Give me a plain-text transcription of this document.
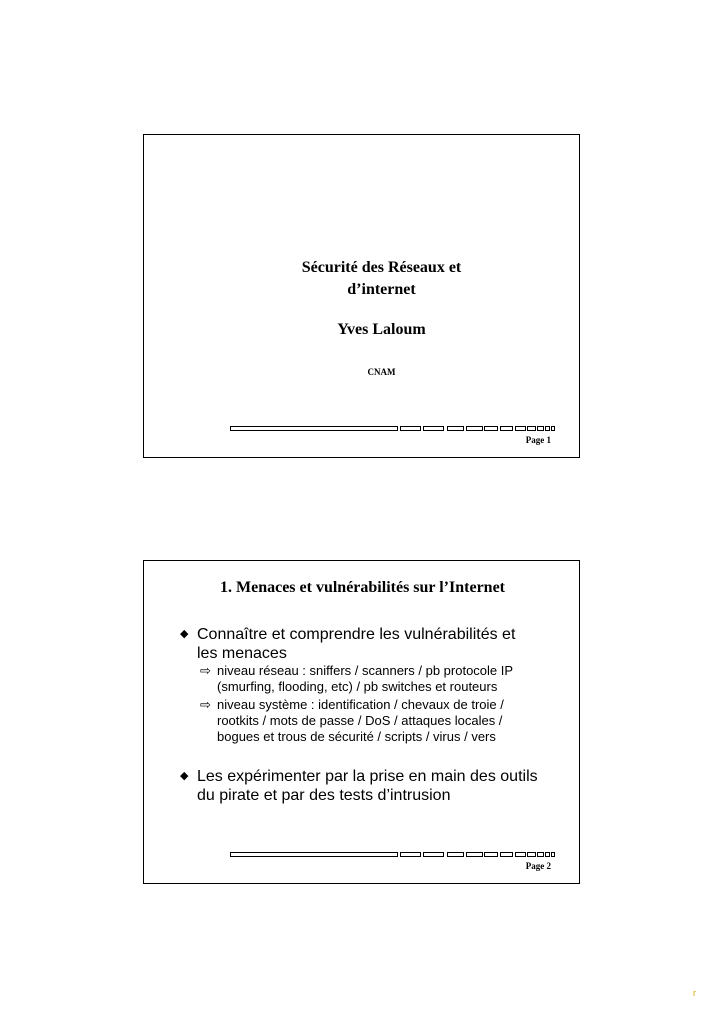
Sécurité des Réseaux et
d’internet
Yves Laloum
CNAM
Page 1
1. Menaces et vulnérabilités sur l’Internet
◆ Connaître et comprendre les vulnérabilités et les menaces
⇨ niveau réseau : sniffers / scanners / pb protocole IP (smurfing, flooding, etc) / pb switches et routeurs
⇨ niveau système : identification / chevaux de troie / rootkits / mots de passe / DoS / attaques locales / bogues et trous de sécurité / scripts / virus / vers
◆ Les expérimenter par la prise en main des outils du pirate et par des tests d’intrusion
Page 2
r
